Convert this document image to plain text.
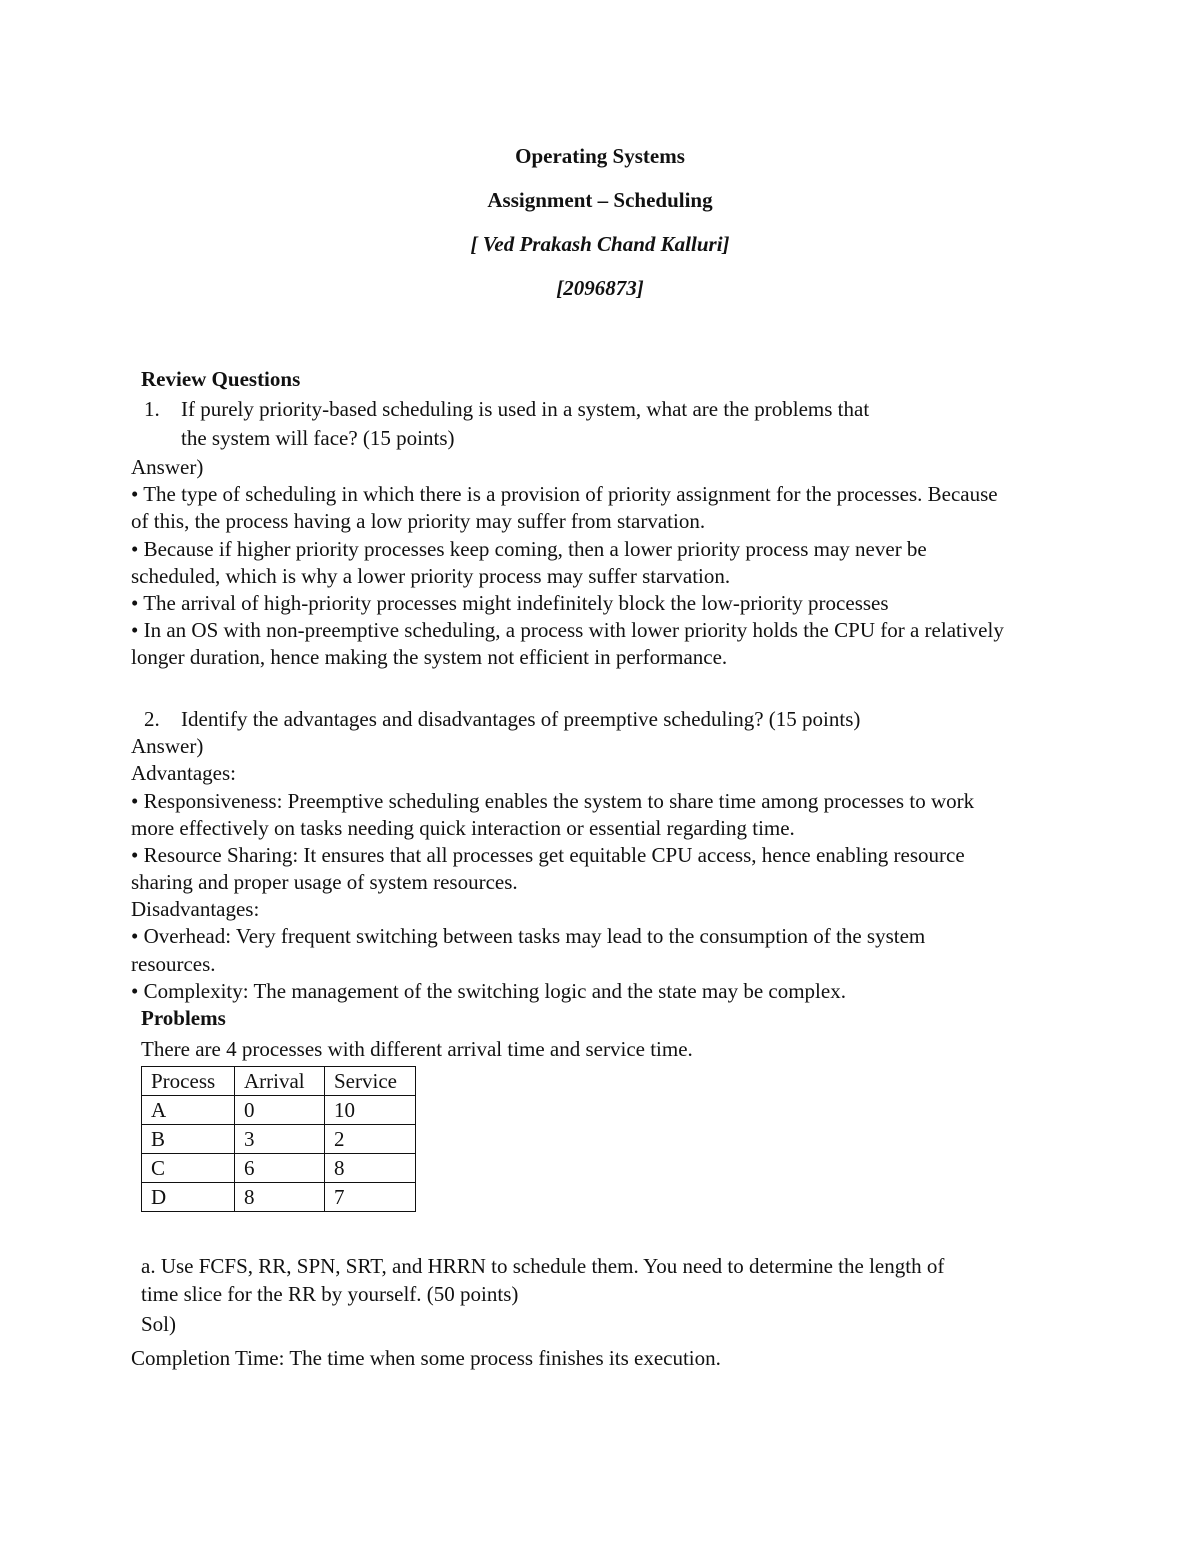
Operating Systems
Assignment – Scheduling
[ Ved Prakash Chand Kalluri]
[2096873]
Review Questions
1. If purely priority-based scheduling is used in a system, what are the problems that
the system will face? (15 points)
Answer)
• The type of scheduling in which there is a provision of priority assignment for the processes. Because
of this, the process having a low priority may suffer from starvation.
• Because if higher priority processes keep coming, then a lower priority process may never be
scheduled, which is why a lower priority process may suffer starvation.
• The arrival of high-priority processes might indefinitely block the low-priority processes
• In an OS with non-preemptive scheduling, a process with lower priority holds the CPU for a relatively
longer duration, hence making the system not efficient in performance.
2. Identify the advantages and disadvantages of preemptive scheduling? (15 points)
Answer)
Advantages:
• Responsiveness: Preemptive scheduling enables the system to share time among processes to work
more effectively on tasks needing quick interaction or essential regarding time.
• Resource Sharing: It ensures that all processes get equitable CPU access, hence enabling resource
sharing and proper usage of system resources.
Disadvantages:
• Overhead: Very frequent switching between tasks may lead to the consumption of the system
resources.
• Complexity: The management of the switching logic and the state may be complex.
Problems
There are 4 processes with different arrival time and service time.
Process	Arrival	Service
A	0	10
B	3	2
C	6	8
D	8	7
a. Use FCFS, RR, SPN, SRT, and HRRN to schedule them. You need to determine the length of
time slice for the RR by yourself. (50 points)
Sol)
Completion Time: The time when some process finishes its execution.
